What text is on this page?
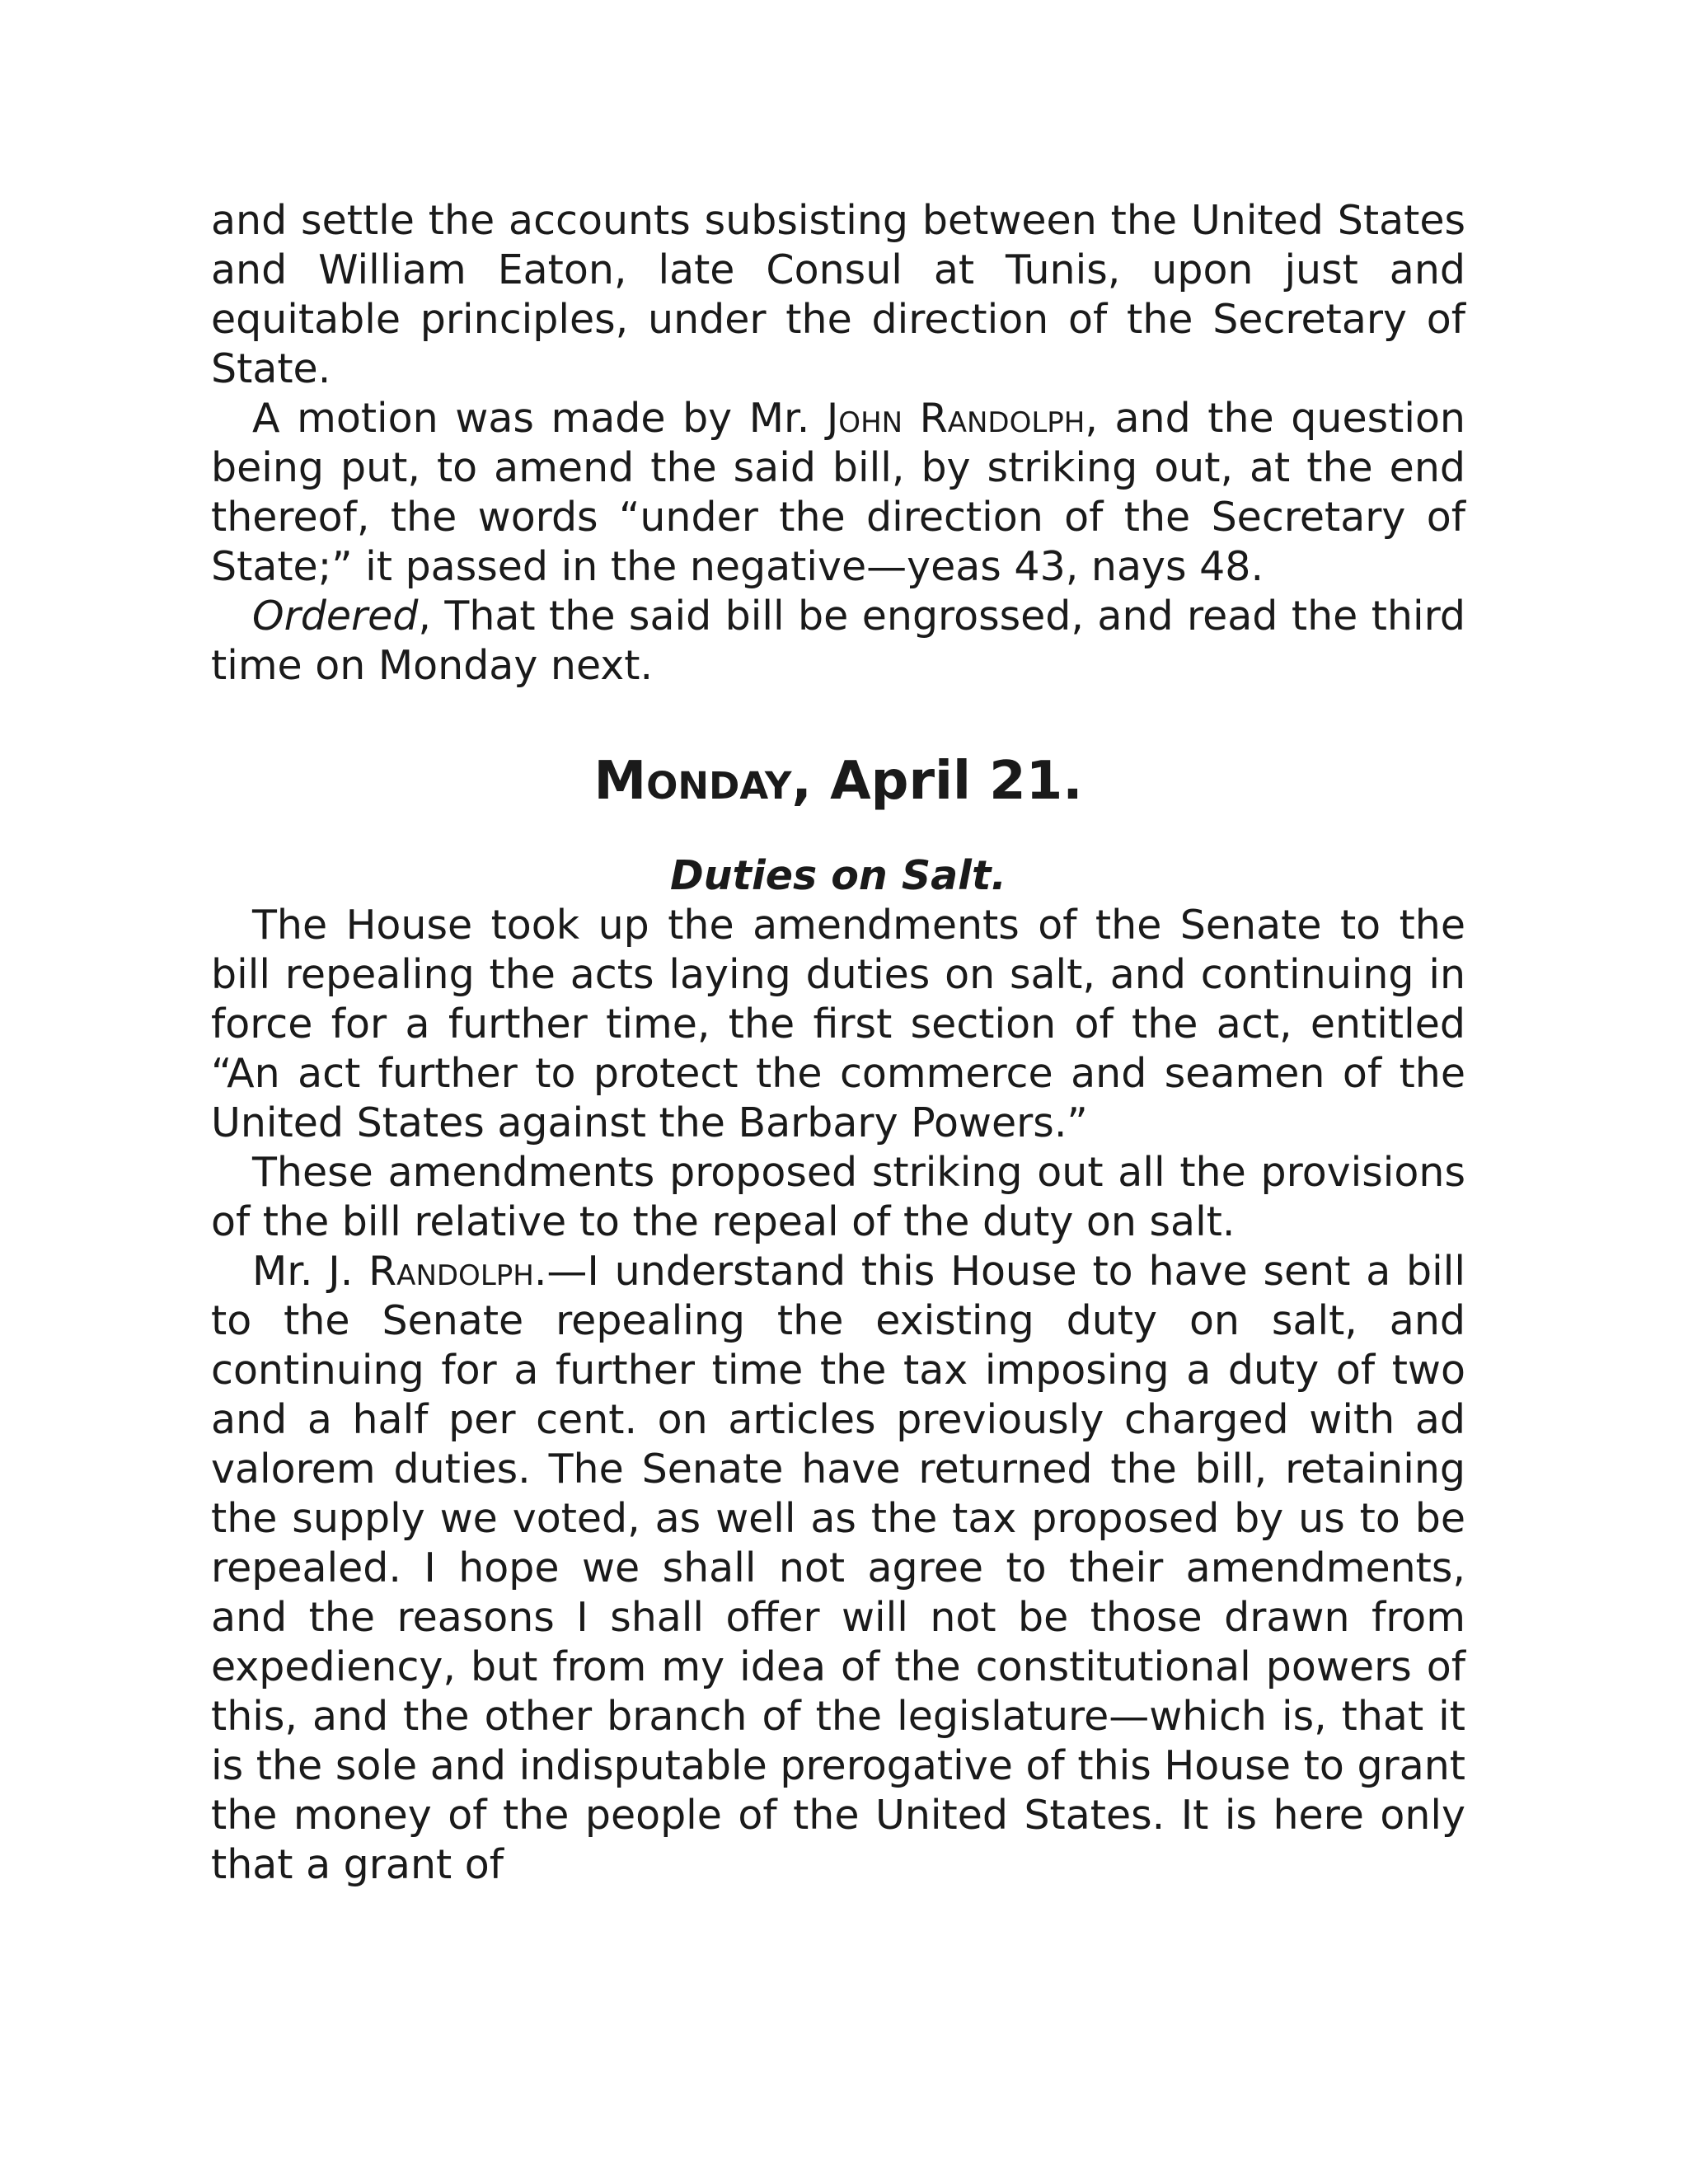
and settle the accounts subsisting between the United States and William Eaton, late Consul at Tunis, upon just and equitable principles, under the direction of the Secretary of State.

A motion was made by Mr. John Randolph, and the question being put, to amend the said bill, by striking out, at the end thereof, the words “under the direction of the Secretary of State;” it passed in the negative—yeas 43, nays 48.

Ordered, That the said bill be engrossed, and read the third time on Monday next.

Monday, April 21.
Duties on Salt.

The House took up the amendments of the Senate to the bill repealing the acts laying duties on salt, and continuing in force for a further time, the first section of the act, entitled “An act further to protect the commerce and seamen of the United States against the Barbary Powers.”

These amendments proposed striking out all the provisions of the bill relative to the repeal of the duty on salt.

Mr. J. Randolph.—I understand this House to have sent a bill to the Senate repealing the existing duty on salt, and continuing for a further time the tax imposing a duty of two and a half per cent. on articles previously charged with ad valorem duties. The Senate have returned the bill, retaining the supply we voted, as well as the tax proposed by us to be repealed. I hope we shall not agree to their amendments, and the reasons I shall offer will not be those drawn from expediency, but from my idea of the constitutional powers of this, and the other branch of the legislature—which is, that it is the sole and indisputable prerogative of this House to grant the money of the people of the United States. It is here only that a grant of
